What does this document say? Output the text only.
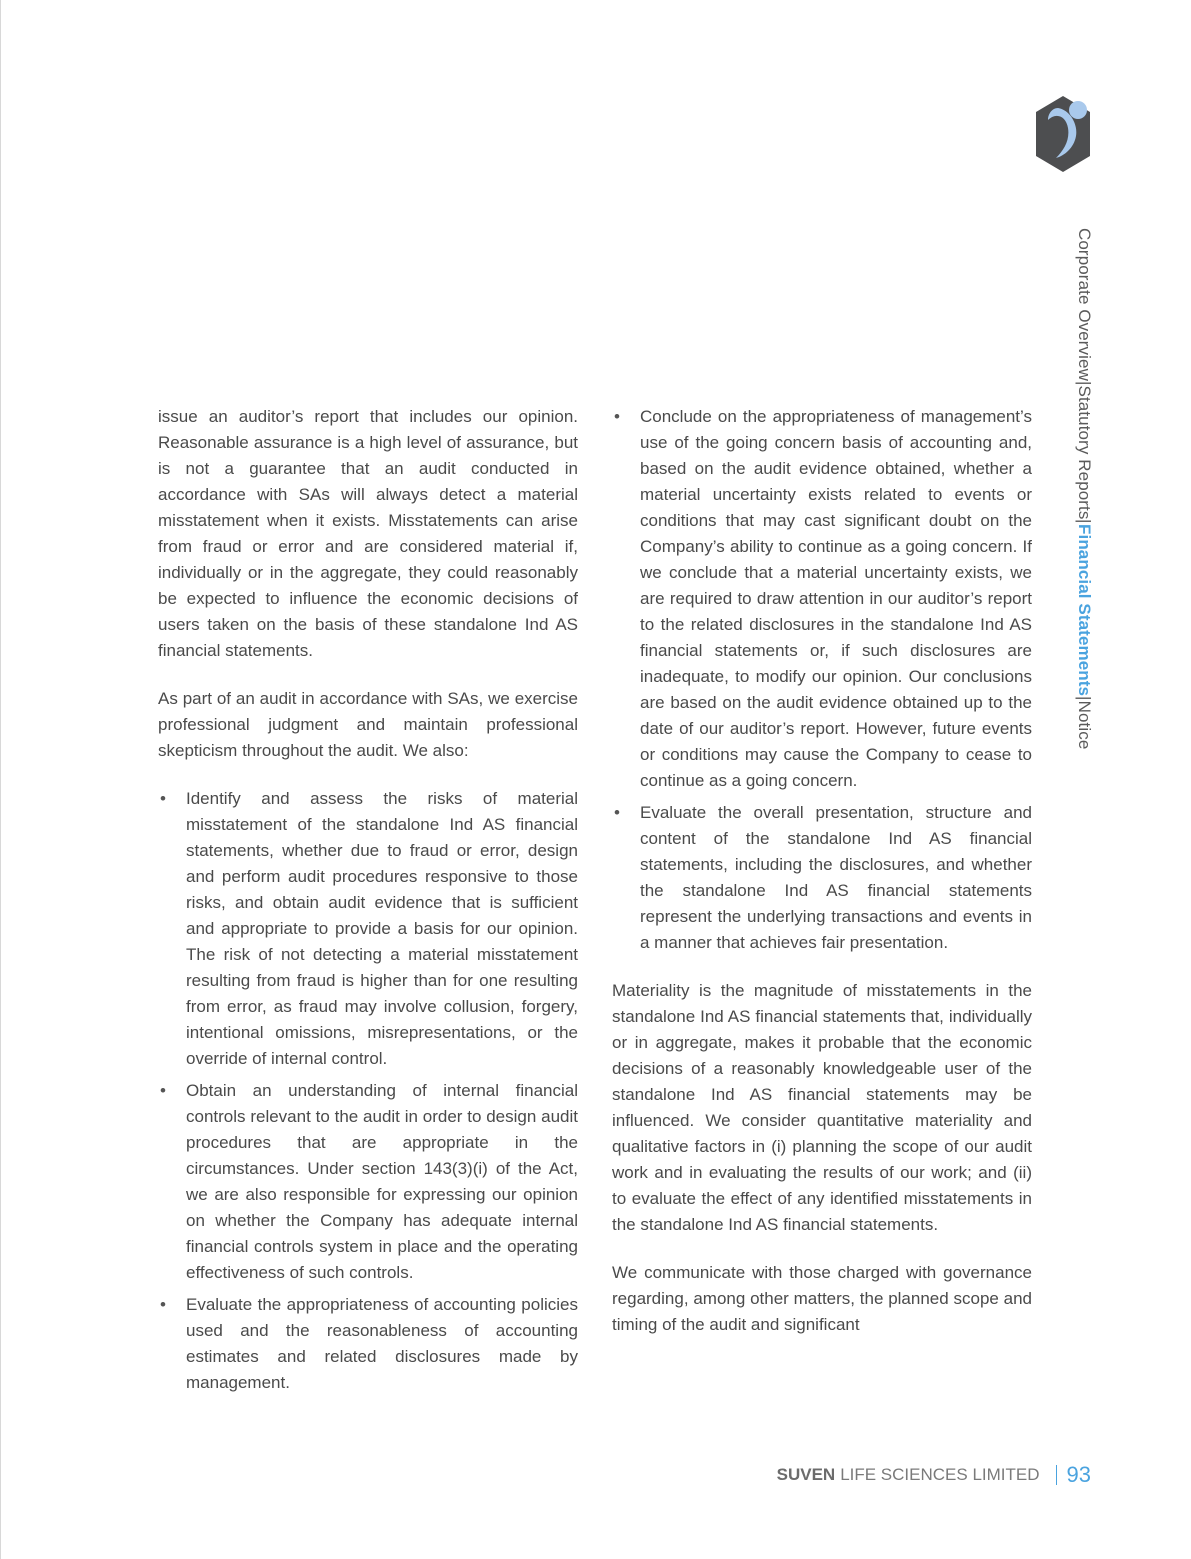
Corporate Overview|Statutory Reports|Financial Statements|Notice

issue an auditor’s report that includes our opinion. Reasonable assurance is a high level of assurance, but is not a guarantee that an audit conducted in accordance with SAs will always detect a material misstatement when it exists. Misstatements can arise from fraud or error and are considered material if, individually or in the aggregate, they could reasonably be expected to influence the economic decisions of users taken on the basis of these standalone Ind AS financial statements.

As part of an audit in accordance with SAs, we exercise professional judgment and maintain professional skepticism throughout the audit. We also:

• Identify and assess the risks of material misstatement of the standalone Ind AS financial statements, whether due to fraud or error, design and perform audit procedures responsive to those risks, and obtain audit evidence that is sufficient and appropriate to provide a basis for our opinion. The risk of not detecting a material misstatement resulting from fraud is higher than for one resulting from error, as fraud may involve collusion, forgery, intentional omissions, misrepresentations, or the override of internal control.
• Obtain an understanding of internal financial controls relevant to the audit in order to design audit procedures that are appropriate in the circumstances. Under section 143(3)(i) of the Act, we are also responsible for expressing our opinion on whether the Company has adequate internal financial controls system in place and the operating effectiveness of such controls.
• Evaluate the appropriateness of accounting policies used and the reasonableness of accounting estimates and related disclosures made by management.
• Conclude on the appropriateness of management’s use of the going concern basis of accounting and, based on the audit evidence obtained, whether a material uncertainty exists related to events or conditions that may cast significant doubt on the Company’s ability to continue as a going concern. If we conclude that a material uncertainty exists, we are required to draw attention in our auditor’s report to the related disclosures in the standalone Ind AS financial statements or, if such disclosures are inadequate, to modify our opinion. Our conclusions are based on the audit evidence obtained up to the date of our auditor’s report. However, future events or conditions may cause the Company to cease to continue as a going concern.
• Evaluate the overall presentation, structure and content of the standalone Ind AS financial statements, including the disclosures, and whether the standalone Ind AS financial statements represent the underlying transactions and events in a manner that achieves fair presentation.

Materiality is the magnitude of misstatements in the standalone Ind AS financial statements that, individually or in aggregate, makes it probable that the economic decisions of a reasonably knowledgeable user of the standalone Ind AS financial statements may be influenced. We consider quantitative materiality and qualitative factors in (i) planning the scope of our audit work and in evaluating the results of our work; and (ii) to evaluate the effect of any identified misstatements in the standalone Ind AS financial statements.

We communicate with those charged with governance regarding, among other matters, the planned scope and timing of the audit and significant

SUVEN LIFE SCIENCES LIMITED 93
